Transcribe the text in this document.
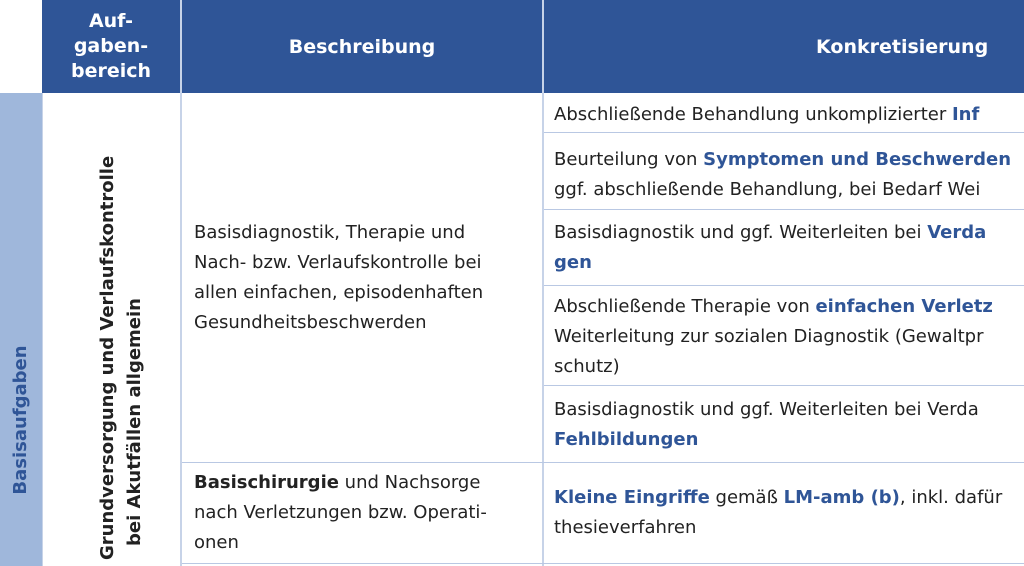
Auf-
gaben-
bereich
Beschreibung	Konkretisierung
Basisaufgaben	Grundversorgung und Verlaufskontrolle bei Akutfällen allgemein
Basisdiagnostik, Therapie und
Nach- bzw. Verlaufskontrolle bei
allen einfachen, episodenhaften
Gesundheitsbeschwerden
Basischirurgie und Nachsorge
nach Verletzungen bzw. Operati-
onen
Abschließende Behandlung unkomplizierter Inf
Beurteilung von Symptomen und Beschwerden
ggf. abschließende Behandlung, bei Bedarf Wei
Basisdiagnostik und ggf. Weiterleiten bei Verda
gen
Abschließende Therapie von einfachen Verletz
Weiterleitung zur sozialen Diagnostik (Gewaltpr
schutz)
Basisdiagnostik und ggf. Weiterleiten bei Verda
Fehlbildungen
Kleine Eingriffe gemäß LM-amb (b), inkl. dafür
thesieverfahren
